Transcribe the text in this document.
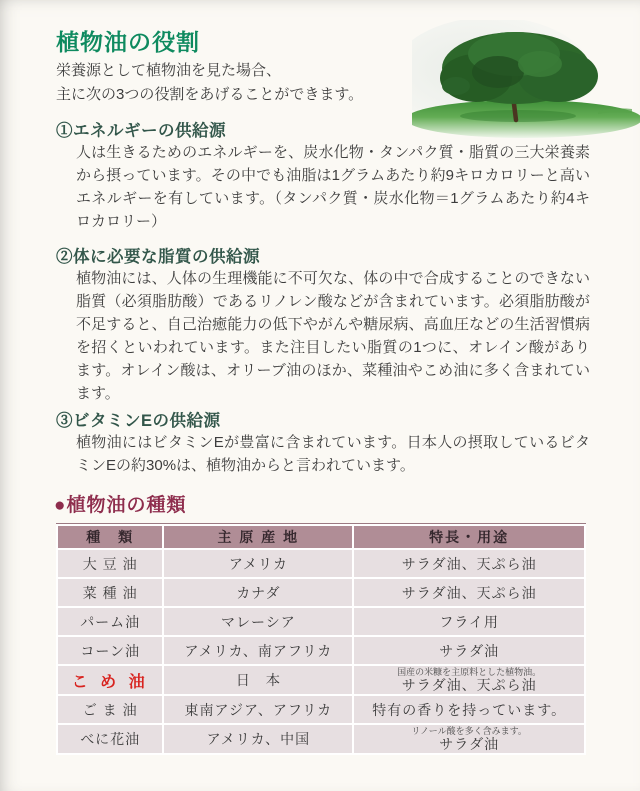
植物油の役割
栄養源として植物油を見た場合、
主に次の3つの役割をあげることができます。
①エネルギーの供給源

人は生きるためのエネルギーを、炭水化物・タンパク質・脂質の三大栄養素から摂っています。その中でも油脂は1グラムあたり約9キロカロリーと高いエネルギーを有しています。（タンパク質・炭水化物＝1グラムあたり約4キロカロリー）

②体に必要な脂質の供給源

植物油には、人体の生理機能に不可欠な、体の中で合成することのできない脂質（必須脂肪酸）であるリノレン酸などが含まれています。必須脂肪酸が不足すると、自己治癒能力の低下やがんや糖尿病、高血圧などの生活習慣病を招くといわれています。また注目したい脂質の1つに、オレイン酸があります。オレイン酸は、オリーブ油のほか、菜種油やこめ油に多く含まれています。

③ビタミンEの供給源

植物油にはビタミンEが豊富に含まれています。日本人の摂取しているビタミンEの約30%は、植物油からと言われています。

●植物油の種類
種　類	主 原 産 地	特長・用途
大 豆 油	アメリカ	サラダ油、天ぷら油

菜 種 油	カナダ	サラダ油、天ぷら油

パーム油	マレーシア	フライ用

コーン油	アメリカ、南アフリカ	サラダ油

こ め 油	日　本	国産の米糠を主原料とした植物油。
サラダ油、天ぷら油

ご ま 油	東南アジア、アフリカ	特有の香りを持っています。

べに花油	アメリカ、中国	リノール酸を多く含みます。
サラダ油
